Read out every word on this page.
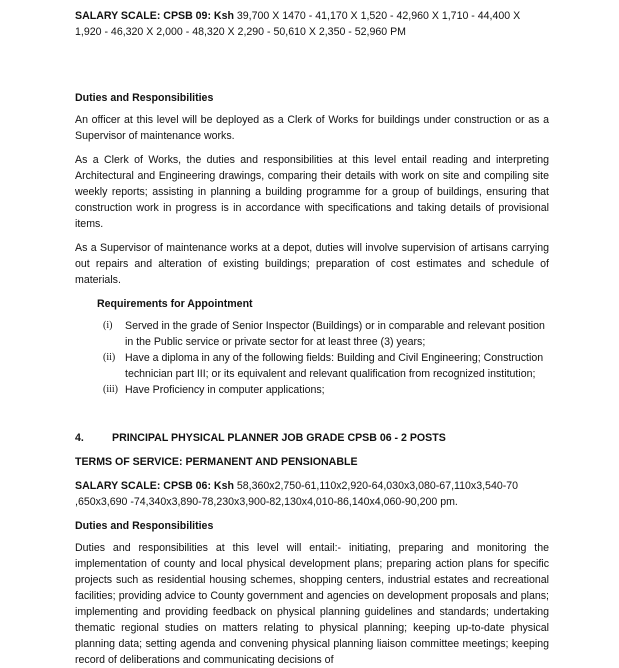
SALARY SCALE: CPSB 09: Ksh 39,700 X 1470 - 41,170 X 1,520 - 42,960 X 1,710 - 44,400 X 1,920 - 46,320 X 2,000 - 48,320 X 2,290 - 50,610 X 2,350 - 52,960 PM

Duties and Responsibilities

An officer at this level will be deployed as a Clerk of Works for buildings under construction or as a Supervisor of maintenance works.

As a Clerk of Works, the duties and responsibilities at this level entail reading and interpreting Architectural and Engineering drawings, comparing their details with work on site and compiling site weekly reports; assisting in planning a building programme for a group of buildings, ensuring that construction work in progress is in accordance with specifications and taking details of provisional items.

As a Supervisor of maintenance works at a depot, duties will involve supervision of artisans carrying out repairs and alteration of existing buildings; preparation of cost estimates and schedule of materials.

Requirements for Appointment

(i) Served in the grade of Senior Inspector (Buildings) or in comparable and relevant position in the Public service or private sector for at least three (3) years;
(ii) Have a diploma in any of the following fields: Building and Civil Engineering; Construction technician part III; or its equivalent and relevant qualification from recognized institution;
(iii) Have Proficiency in computer applications;
4.	PRINCIPAL PHYSICAL PLANNER JOB GRADE CPSB 06 - 2 POSTS

TERMS OF SERVICE: PERMANENT AND PENSIONABLE

SALARY SCALE: CPSB 06: Ksh 58,360x2,750-61,110x2,920-64,030x3,080-67,110x3,540-70 ,650x3,690 -74,340x3,890-78,230x3,900-82,130x4,010-86,140x4,060-90,200 pm.

Duties and Responsibilities

Duties and responsibilities at this level will entail:- initiating, preparing and monitoring the implementation of county and local physical development plans; preparing action plans for specific projects such as residential housing schemes, shopping centers, industrial estates and recreational facilities; providing advice to County government and agencies on development proposals and plans; implementing and providing feedback on physical planning guidelines and standards; undertaking thematic regional studies on matters relating to physical planning; keeping up-to-date physical planning data; setting agenda and convening physical planning liaison committee meetings; keeping record of deliberations and communicating decisions of
